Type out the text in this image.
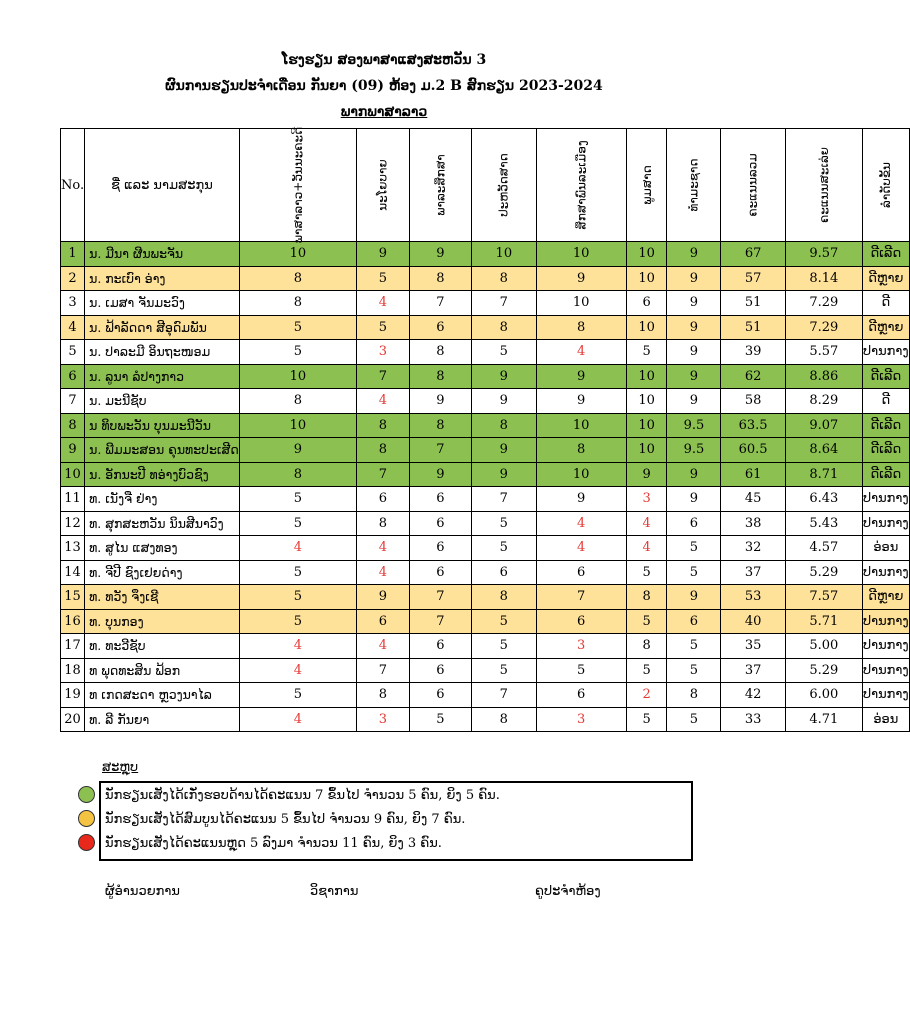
ໂຮງຮຽນ ສອງພາສາແສງສະຫວັນ 3
ຜົນການຮຽນປະຈຳເດືອນ ກັນຍາ (09) ຫ້ອງ ມ.2 B ສົກຮຽນ 2023-2024
ພາກພາສາລາວ
No.	ຊື່ ແລະ ນາມສະກຸນ	ພາສາລາວ+ວັນນະຄະດີ	ນະໂຍບາຍ	ພາລະສຶກສາ	ປະຫວັດສາດ	ສຶກສາພົນລະເມືອງ	ພູມສາດ	ທຳມະຊາດ	ຄະແນນລວມ	ຄະແນນສະເລ່ຍ	ລຳດັບຂັ້ນ
1	ນ. ມີນາ ຜີນພະຈັນ	10	9	9	10	10	10	9	67	9.57	ດີເລີດ
2	ນ. ກະເບົາ ອ່າງ	8	5	8	8	9	10	9	57	8.14	ດີຫຼາຍ
3	ນ. ເມສາ ຈັນມະວົງ	8	4	7	7	10	6	9	51	7.29	ດີ
4	ນ. ຟ້າລັດດາ ສີອຸດົມພັນ	5	5	6	8	8	10	9	51	7.29	ດີຫຼາຍ
5	ນ. ປາລະມີ ອິນຖະໜອມ	5	3	8	5	4	5	9	39	5.57	ປານກາງ
6	ນ. ລູນາ ລໍປາງກາວ	10	7	8	9	9	10	9	62	8.86	ດີເລີດ
7	ນ. ມະນີຊັບ	8	4	9	9	9	10	9	58	8.29	ດີ
8	ນ ທິບພະວັນ ບຸນມະນີວັນ	10	8	8	8	10	10	9.5	63.5	9.07	ດີເລີດ
9	ນ. ພີມມະສອນ ຄຸນທະປະເສີດ	9	8	7	9	8	10	9.5	60.5	8.64	ດີເລີດ
10	ນ. ອັກນະປີ ທອ່າງບົວຊົງ	8	7	9	9	10	9	9	61	8.71	ດີເລີດ
11	ທ. ເນັງຈື ຢ່າງ	5	6	6	7	9	3	9	45	6.43	ປານກາງ
12	ທ. ສຸກສະຫວັນ ນິນສີນາວົງ	5	8	6	5	4	4	6	38	5.43	ປານກາງ
13	ທ. ສູໄນ ແສງທອງ	4	4	6	5	4	4	5	32	4.57	ອ່ອນ
14	ທ. ຈີປີ ຊົງເຢຍດ່າງ	5	4	6	6	6	5	5	37	5.29	ປານກາງ
15	ທ. ທວັງ ຈຶງເຊີ	5	9	7	8	7	8	9	53	7.57	ດີຫຼາຍ
16	ທ. ບຸນກອງ	5	6	7	5	6	5	6	40	5.71	ປານກາງ
17	ທ. ທະວີຊັບ	4	4	6	5	3	8	5	35	5.00	ປານກາງ
18	ທ ພຸດທະສິນ ຟ້ອກ	4	7	6	5	5	5	5	37	5.29	ປານກາງ
19	ທ ເກດສະດາ ຫຼວງນາໄລ	5	8	6	7	6	2	8	42	6.00	ປານກາງ
20	ທ. ລີ ກັນຍາ	4	3	5	8	3	5	5	33	4.71	ອ່ອນ
ສະຫຼຸບ
ນັກຮຽນເສັງໄດ້ເກັ່ງຮອບດ້ານໄດ້ຄະແນນ 7 ຂຶ້ນໄປ ຈຳນວນ 5 ຄົນ, ຍິງ 5 ຄົນ.
ນັກຮຽນເສັງໄດ້ສົມບູນໄດ້ຄະແນນ 5 ຂຶ້ນໄປ ຈຳນວນ 9 ຄົນ, ຍິງ 7 ຄົນ.
ນັກຮຽນເສັງໄດ້ຄະແນນຫຼຸດ 5 ລົງມາ ຈຳນວນ 11 ຄົນ, ຍິງ 3 ຄົນ.
ຜູ້ອຳນວຍການ	ວິຊາການ	ຄູປະຈຳຫ້ອງ
